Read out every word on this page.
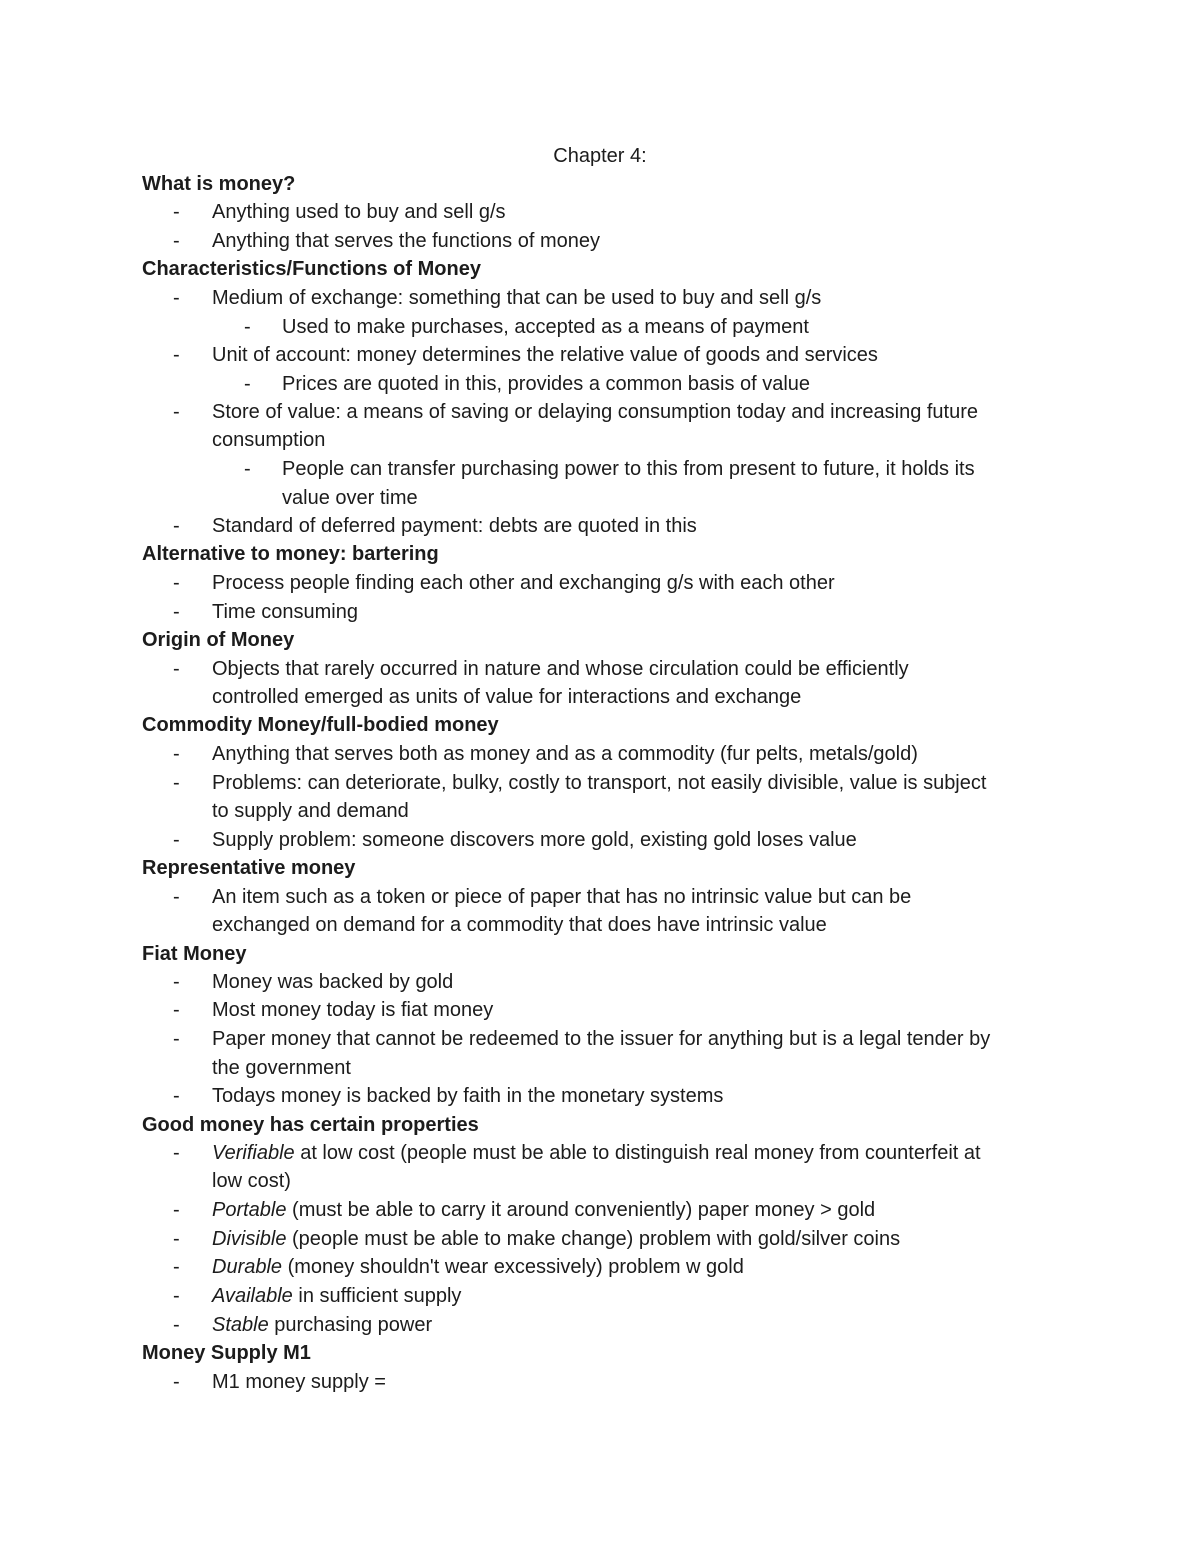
Chapter 4:
What is money?
- Anything used to buy and sell g/s
- Anything that serves the functions of money
Characteristics/Functions of Money
- Medium of exchange: something that can be used to buy and sell g/s
- Used to make purchases, accepted as a means of payment
- Unit of account: money determines the relative value of goods and services
- Prices are quoted in this, provides a common basis of value
- Store of value: a means of saving or delaying consumption today and increasing future
consumption
- People can transfer purchasing power to this from present to future, it holds its
value over time
- Standard of deferred payment: debts are quoted in this
Alternative to money: bartering
- Process people finding each other and exchanging g/s with each other
- Time consuming
Origin of Money
- Objects that rarely occurred in nature and whose circulation could be efficiently
controlled emerged as units of value for interactions and exchange
Commodity Money/full-bodied money
- Anything that serves both as money and as a commodity (fur pelts, metals/gold)
- Problems: can deteriorate, bulky, costly to transport, not easily divisible, value is subject
to supply and demand
- Supply problem: someone discovers more gold, existing gold loses value
Representative money
- An item such as a token or piece of paper that has no intrinsic value but can be
exchanged on demand for a commodity that does have intrinsic value
Fiat Money
- Money was backed by gold
- Most money today is fiat money
- Paper money that cannot be redeemed to the issuer for anything but is a legal tender by
the government
- Todays money is backed by faith in the monetary systems
Good money has certain properties
- Verifiable at low cost (people must be able to distinguish real money from counterfeit at
low cost)
- Portable (must be able to carry it around conveniently) paper money > gold
- Divisible (people must be able to make change) problem with gold/silver coins
- Durable (money shouldn't wear excessively) problem w gold
- Available in sufficient supply
- Stable purchasing power
Money Supply M1
- M1 money supply =
